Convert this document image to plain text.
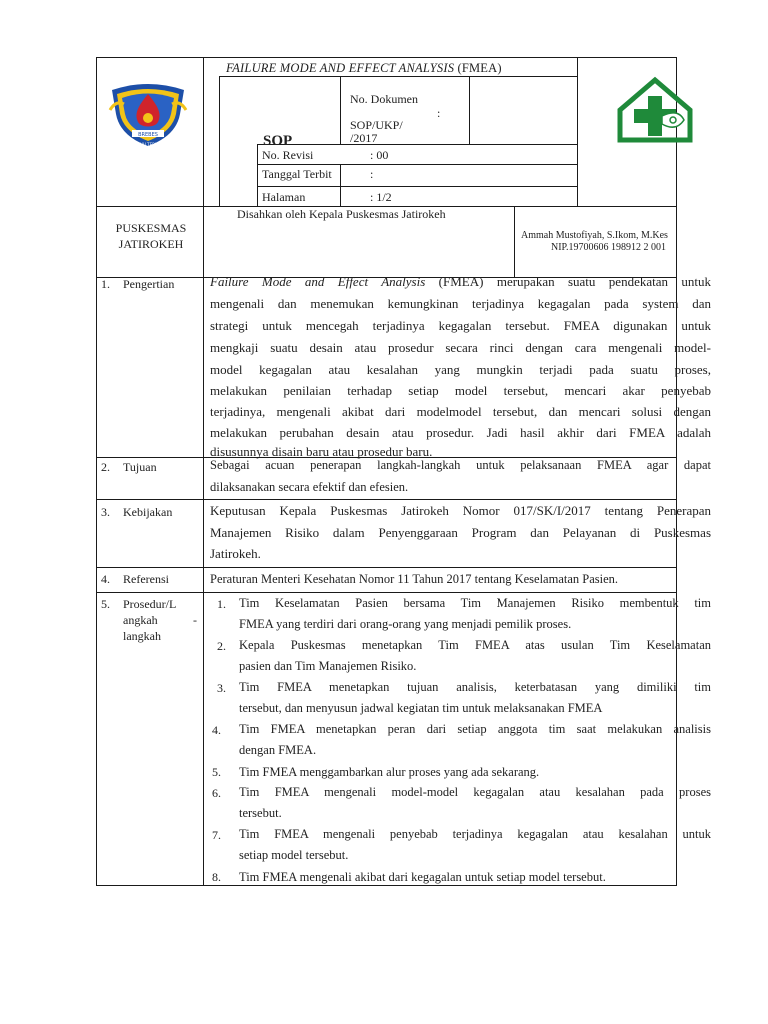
BREBES
MAJU TERUS
FAILURE MODE AND EFFECT ANALYSIS (FMEA)
SOP
No. Dokumen
:
SOP/UKP/ /2017
No. Revisi	: 00
Tanggal Terbit	:
Halaman	: 1/2
PUSKESMAS JATIROKEH
Disahkan oleh Kepala Puskesmas Jatirokeh
Ammah Mustofiyah, S.Ikom, M.Kes
NIP.19700606 198912 2 001
1. Pengertian	Failure Mode and Effect Analysis (FMEA) merupakan suatu pendekatan untuk
mengenali dan menemukan kemungkinan terjadinya kegagalan pada system dan
strategi untuk mencegah terjadinya kegagalan tersebut. FMEA digunakan untuk
mengkaji suatu desain atau prosedur secara rinci dengan cara mengenali model-
model kegagalan atau kesalahan yang mungkin terjadi pada suatu proses,
melakukan penilaian terhadap setiap model tersebut, mencari akar penyebab
terjadinya, mengenali akibat dari modelmodel tersebut, dan mencari solusi dengan
melakukan perubahan desain atau prosedur. Jadi hasil akhir dari FMEA adalah
disusunnya disain baru atau prosedur baru.
2. Tujuan	Sebagai acuan penerapan langkah-langkah untuk pelaksanaan FMEA agar dapat
dilaksanakan secara efektif dan efesien.
3. Kebijakan	Keputusan Kepala Puskesmas Jatirokeh Nomor 017/SK/I/2017 tentang Penerapan
Manajemen Risiko dalam Penyenggaraan Program dan Pelayanan di Puskesmas
Jatirokeh.
4. Referensi	Peraturan Menteri Kesehatan Nomor 11 Tahun 2017 tentang Keselamatan Pasien.
5. Prosedur/L
angkah	-
langkah
1. Tim Keselamatan Pasien bersama Tim Manajemen Risiko membentuk tim
FMEA yang terdiri dari orang-orang yang menjadi pemilik proses.
2. Kepala Puskesmas menetapkan Tim FMEA atas usulan Tim Keselamatan
pasien dan Tim Manajemen Risiko.
3. Tim FMEA menetapkan tujuan analisis, keterbatasan yang dimiliki tim
tersebut, dan menyusun jadwal kegiatan tim untuk melaksanakan FMEA
4. Tim FMEA menetapkan peran dari setiap anggota tim saat melakukan analisis
dengan FMEA.
5. Tim FMEA menggambarkan alur proses yang ada sekarang.
6. Tim FMEA mengenali model-model kegagalan atau kesalahan pada proses
tersebut.
7. Tim FMEA mengenali penyebab terjadinya kegagalan atau kesalahan untuk
setiap model tersebut.
8. Tim FMEA mengenali akibat dari kegagalan untuk setiap model tersebut.
